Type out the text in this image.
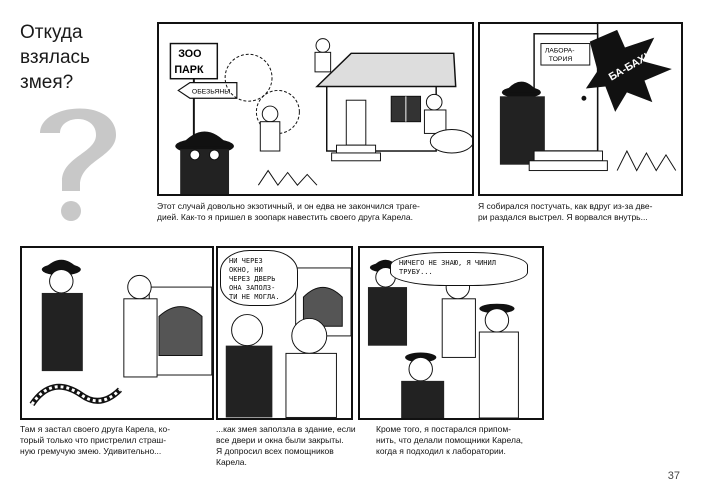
Откуда
взялась
змея?
ЗОО
ПАРК
ОБЕЗЬЯНЫ
Этот случай довольно экзотичный, и он едва не закончился траге-
дией. Как-то я пришел в зоопарк навестить своего друга Карела.
ЛАБОРА-
ТОРИЯ	БА-БАХ!
Я собирался постучать, как вдруг из-за две-
ри раздался выстрел. Я ворвался внутрь...
Там я застал своего друга Карела, ко-
торый только что пристрелил страш-
ную гремучую змею. Удивительно...
НИ ЧЕРЕЗ
ОКНО, НИ
ЧЕРЕЗ ДВЕРЬ
ОНА ЗАПОЛЗ-
ТИ НЕ МОГЛА.
...как змея заползла в здание, если
все двери и окна были закрыты.
Я допросил всех помощников
Карела.
НИЧЕГО НЕ ЗНАЮ, Я ЧИНИЛ
ТРУБУ...
Кроме того, я постарался припом-
нить, что делали помощники Карела,
когда я подходил к лаборатории.
37
